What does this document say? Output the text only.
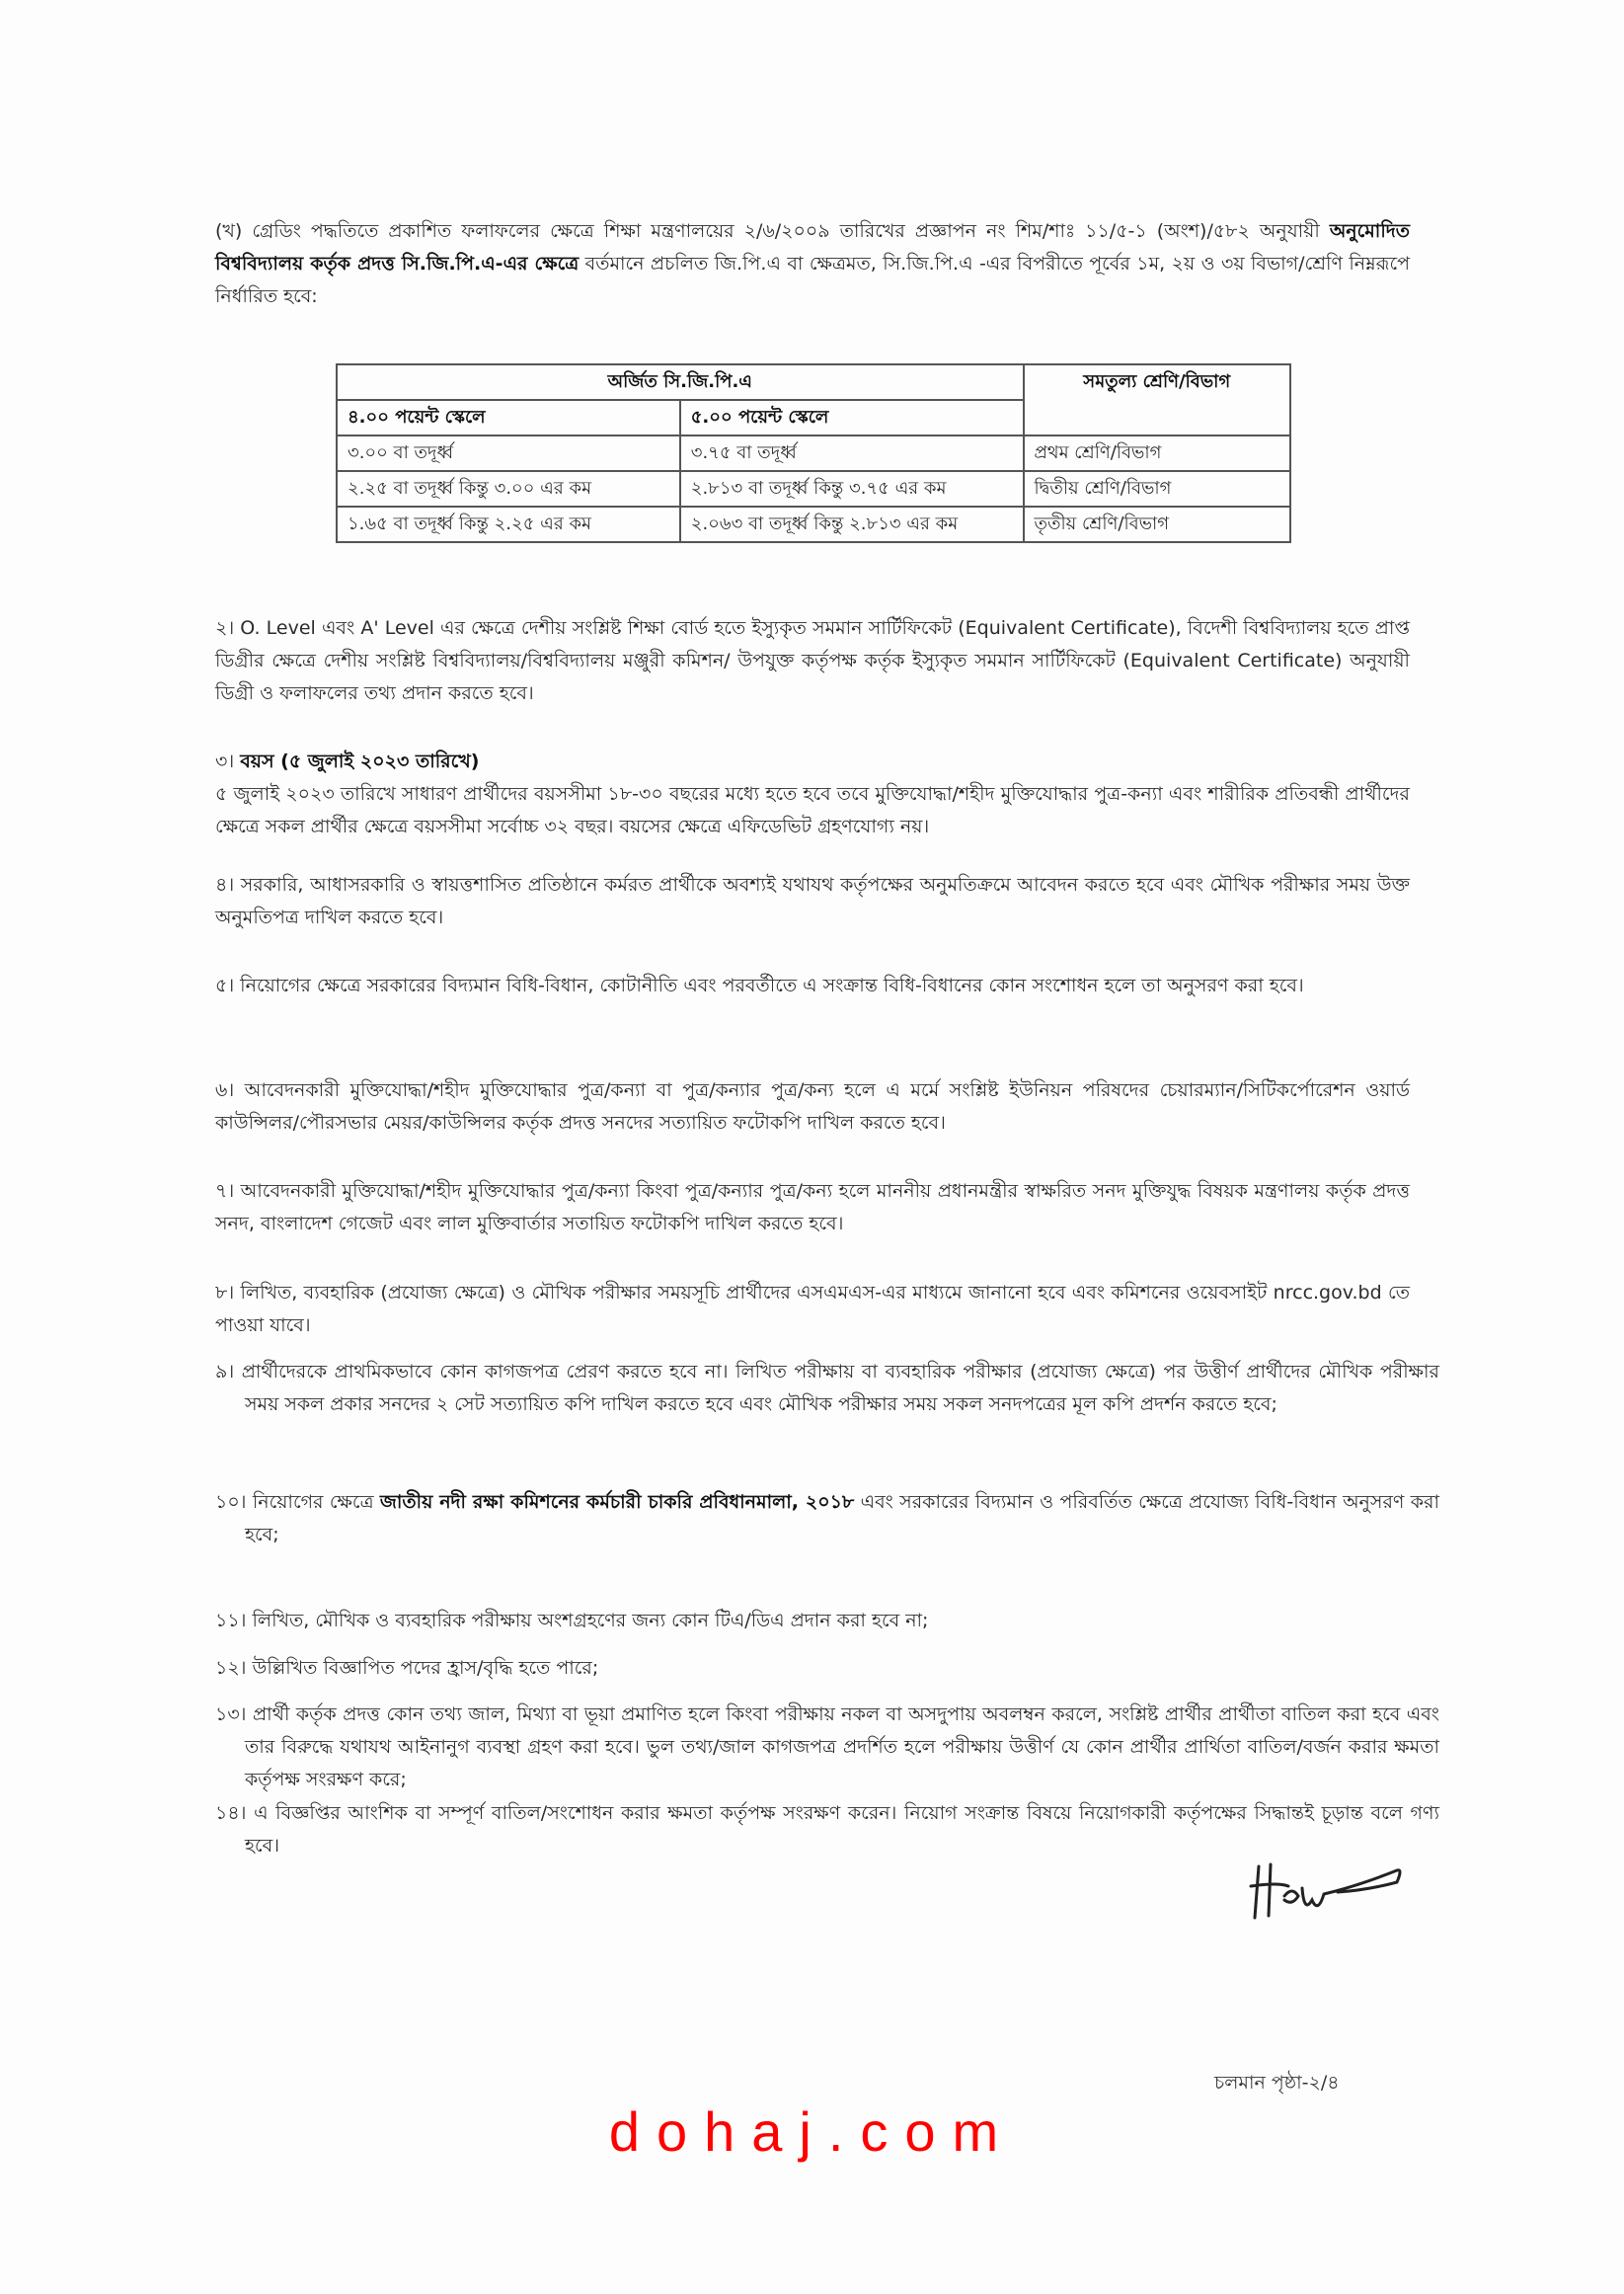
(খ) গ্রেডিং পদ্ধতিতে প্রকাশিত ফলাফলের ক্ষেত্রে শিক্ষা মন্ত্রণালয়ের ২/৬/২০০৯ তারিখের প্রজ্ঞাপন নং শিম/শাঃ ১১/৫-১ (অংশ)/৫৮২ অনুযায়ী অনুমোদিত বিশ্ববিদ্যালয় কর্তৃক প্রদত্ত সি.জি.পি.এ-এর ক্ষেত্রে বর্তমানে প্রচলিত জি.পি.এ বা ক্ষেত্রমত, সি.জি.পি.এ -এর বিপরীতে পূর্বের ১ম, ২য় ও ৩য় বিভাগ/শ্রেণি নিম্নরূপে নির্ধারিত হবে:

অর্জিত সি.জি.পি.এ		সমতুল্য শ্রেণি/বিভাগ
৪.০০ পয়েন্ট স্কেলে	৫.০০ পয়েন্ট স্কেলে	
৩.০০ বা তদূর্ধ্ব	৩.৭৫ বা তদূর্ধ্ব	প্রথম শ্রেণি/বিভাগ
২.২৫ বা তদূর্ধ্ব কিন্তু ৩.০০ এর কম	২.৮১৩ বা তদূর্ধ্ব কিন্তু ৩.৭৫ এর কম	দ্বিতীয় শ্রেণি/বিভাগ
১.৬৫ বা তদূর্ধ্ব কিন্তু ২.২৫ এর কম	২.০৬৩ বা তদূর্ধ্ব কিন্তু ২.৮১৩ এর কম	তৃতীয় শ্রেণি/বিভাগ

২। O. Level এবং A' Level এর ক্ষেত্রে দেশীয় সংশ্লিষ্ট শিক্ষা বোর্ড হতে ইস্যুকৃত সমমান সার্টিফিকেট (Equivalent Certificate), বিদেশী বিশ্ববিদ্যালয় হতে প্রাপ্ত ডিগ্রীর ক্ষেত্রে দেশীয় সংশ্লিষ্ট বিশ্ববিদ্যালয়/বিশ্ববিদ্যালয় মঞ্জুরী কমিশন/ উপযুক্ত কর্তৃপক্ষ কর্তৃক ইস্যুকৃত সমমান সার্টিফিকেট (Equivalent Certificate) অনুযায়ী ডিগ্রী ও ফলাফলের তথ্য প্রদান করতে হবে।

৩। বয়স (৫ জুলাই ২০২৩ তারিখে)
৫ জুলাই ২০২৩ তারিখে সাধারণ প্রার্থীদের বয়সসীমা ১৮-৩০ বছরের মধ্যে হতে হবে তবে মুক্তিযোদ্ধা/শহীদ মুক্তিযোদ্ধার পুত্র-কন্যা এবং শারীরিক প্রতিবন্ধী প্রার্থীদের ক্ষেত্রে সকল প্রার্থীর ক্ষেত্রে বয়সসীমা সর্বোচ্চ ৩২ বছর। বয়সের ক্ষেত্রে এফিডেভিট গ্রহণযোগ্য নয়।

৪। সরকারি, আধাসরকারি ও স্বায়ত্তশাসিত প্রতিষ্ঠানে কর্মরত প্রার্থীকে অবশ্যই যথাযথ কর্তৃপক্ষের অনুমতিক্রমে আবেদন করতে হবে এবং মৌখিক পরীক্ষার সময় উক্ত অনুমতিপত্র দাখিল করতে হবে।

৫। নিয়োগের ক্ষেত্রে সরকারের বিদ্যমান বিধি-বিধান, কোটানীতি এবং পরবর্তীতে এ সংক্রান্ত বিধি-বিধানের কোন সংশোধন হলে তা অনুসরণ করা হবে।

৬। আবেদনকারী মুক্তিযোদ্ধা/শহীদ মুক্তিযোদ্ধার পুত্র/কন্যা বা পুত্র/কন্যার পুত্র/কন্য হলে এ মর্মে সংশ্লিষ্ট ইউনিয়ন পরিষদের চেয়ারম্যান/সিটিকর্পোরেশন ওয়ার্ড কাউন্সিলর/পৌরসভার মেয়র/কাউন্সিলর কর্তৃক প্রদত্ত সনদের সত্যায়িত ফটোকপি দাখিল করতে হবে।

৭। আবেদনকারী মুক্তিযোদ্ধা/শহীদ মুক্তিযোদ্ধার পুত্র/কন্যা কিংবা পুত্র/কন্যার পুত্র/কন্য হলে মাননীয় প্রধানমন্ত্রীর স্বাক্ষরিত সনদ মুক্তিযুদ্ধ বিষয়ক মন্ত্রণালয় কর্তৃক প্রদত্ত সনদ, বাংলাদেশ গেজেট এবং লাল মুক্তিবার্তার সতায়িত ফটোকপি দাখিল করতে হবে।

৮। লিখিত, ব্যবহারিক (প্রযোজ্য ক্ষেত্রে) ও মৌখিক পরীক্ষার সময়সূচি প্রার্থীদের এসএমএস-এর মাধ্যমে জানানো হবে এবং কমিশনের ওয়েবসাইট nrcc.gov.bd তে পাওয়া যাবে।

৯। প্রার্থীদেরকে প্রাথমিকভাবে কোন কাগজপত্র প্রেরণ করতে হবে না। লিখিত পরীক্ষায় বা ব্যবহারিক পরীক্ষার (প্রযোজ্য ক্ষেত্রে) পর উত্তীর্ণ প্রার্থীদের মৌখিক পরীক্ষার সময় সকল প্রকার সনদের ২ সেট সত্যায়িত কপি দাখিল করতে হবে এবং মৌখিক পরীক্ষার সময় সকল সনদপত্রের মূল কপি প্রদর্শন করতে হবে;

১০। নিয়োগের ক্ষেত্রে জাতীয় নদী রক্ষা কমিশনের কর্মচারী চাকরি প্রবিধানমালা, ২০১৮ এবং সরকারের বিদ্যমান ও পরিবর্তিত ক্ষেত্রে প্রযোজ্য বিধি-বিধান অনুসরণ করা হবে;

১১। লিখিত, মৌখিক ও ব্যবহারিক পরীক্ষায় অংশগ্রহণের জন্য কোন টিএ/ডিএ প্রদান করা হবে না;

১২। উল্লিখিত বিজ্ঞাপিত পদের হ্রাস/বৃদ্ধি হতে পারে;

১৩। প্রার্থী কর্তৃক প্রদত্ত কোন তথ্য জাল, মিথ্যা বা ভূয়া প্রমাণিত হলে কিংবা পরীক্ষায় নকল বা অসদুপায় অবলম্বন করলে, সংশ্লিষ্ট প্রার্থীর প্রার্থীতা বাতিল করা হবে এবং তার বিরুদ্ধে যথাযথ আইনানুগ ব্যবস্থা গ্রহণ করা হবে। ভুল তথ্য/জাল কাগজপত্র প্রদর্শিত হলে পরীক্ষায় উত্তীর্ণ যে কোন প্রার্থীর প্রার্থিতা বাতিল/বর্জন করার ক্ষমতা কর্তৃপক্ষ সংরক্ষণ করে;

১৪। এ বিজ্ঞপ্তির আংশিক বা সম্পূর্ণ বাতিল/সংশোধন করার ক্ষমতা কর্তৃপক্ষ সংরক্ষণ করেন। নিয়োগ সংক্রান্ত বিষয়ে নিয়োগকারী কর্তৃপক্ষের সিদ্ধান্তই চূড়ান্ত বলে গণ্য হবে।

চলমান পৃষ্ঠা-২/৪
dohaj.com
